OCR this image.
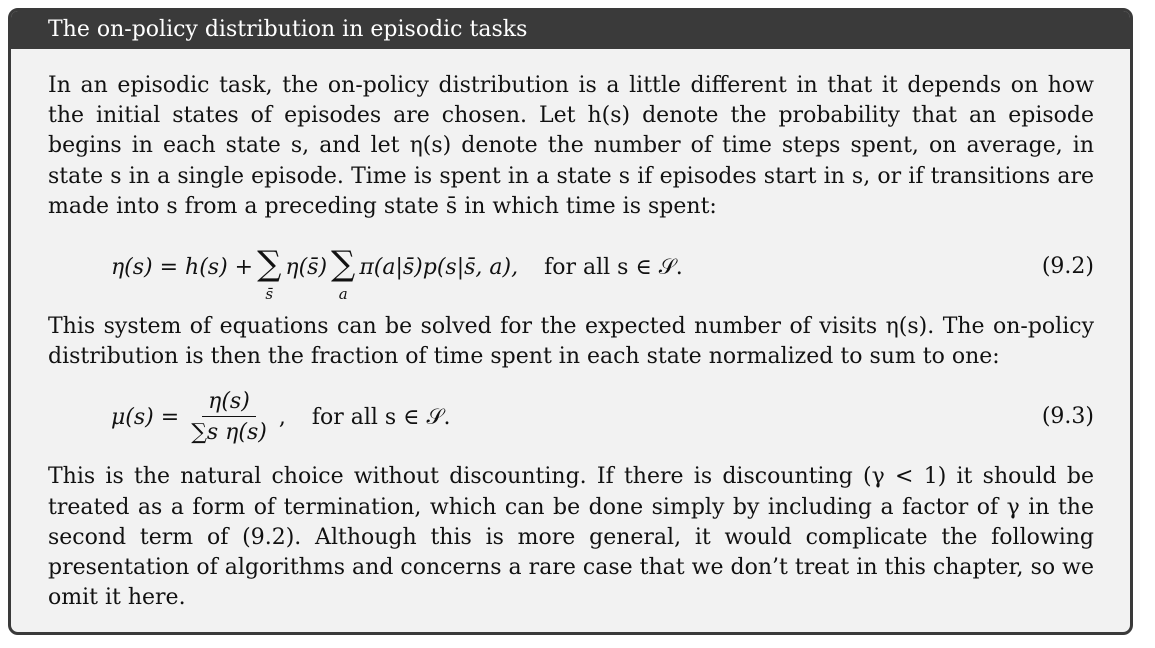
The on-policy distribution in episodic tasks

In an episodic task, the on-policy distribution is a little different in that it depends on how the initial states of episodes are chosen. Let h(s) denote the probability that an episode begins in each state s, and let η(s) denote the number of time steps spent, on average, in state s in a single episode. Time is spent in a state s if episodes start in s, or if transitions are made into s from a preceding state s̄ in which time is spent:

η(s) = h(s) + ∑
s̄
η(s̄) ∑
a
π(a|s̄)p(s|s̄, a), for all s ∈ 𝒮.	(9.2)

This system of equations can be solved for the expected number of visits η(s). The on-policy distribution is then the fraction of time spent in each state normalized to sum to one:

$\mu(s) = \frac{\eta(s)}{\text{∑s η(s)}}$ , for all s ∈ 𝒮.	(9.3)

This is the natural choice without discounting. If there is discounting (γ < 1) it should be treated as a form of termination, which can be done simply by including a factor of γ in the second term of (9.2). Although this is more general, it would complicate the following presentation of algorithms and concerns a rare case that we don’t treat in this chapter, so we omit it here.
